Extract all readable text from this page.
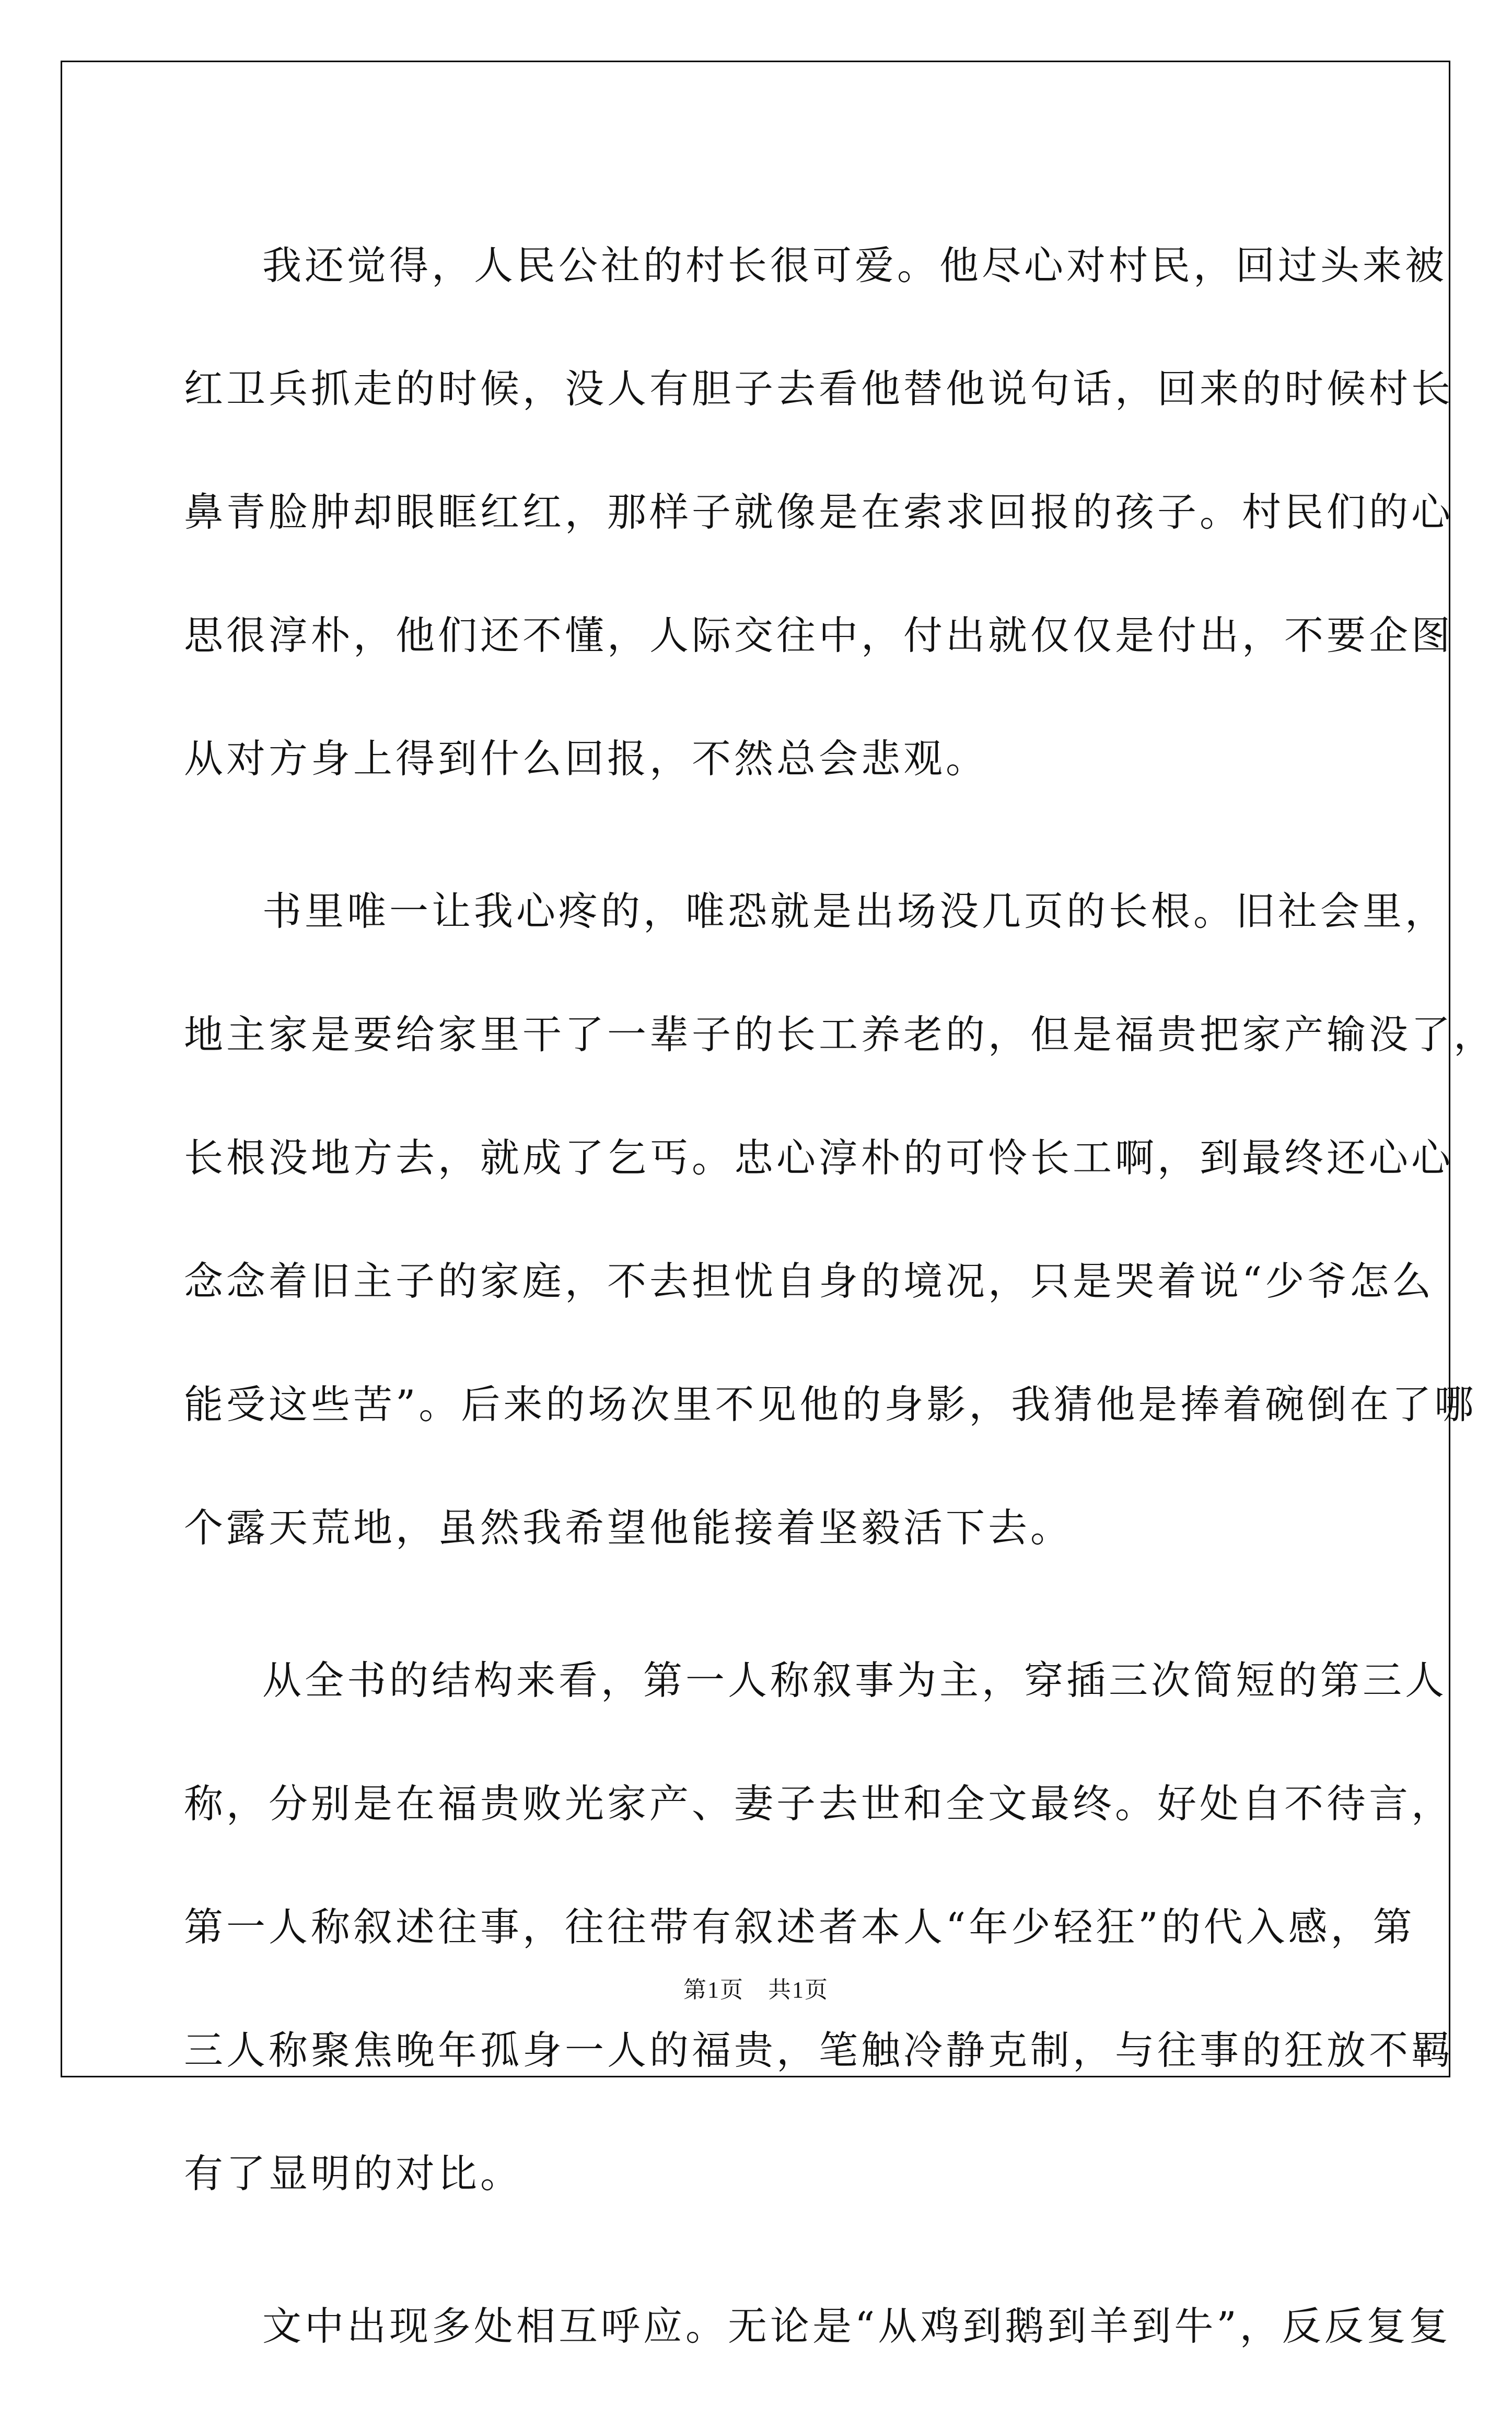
我还觉得，人民公社的村长很可爱。他尽心对村民，回过头来被
红卫兵抓走的时候，没人有胆子去看他替他说句话，回来的时候村长
鼻青脸肿却眼眶红红，那样子就像是在索求回报的孩子。村民们的心
思很淳朴，他们还不懂，人际交往中，付出就仅仅是付出，不要企图
从对方身上得到什么回报，不然总会悲观。

书里唯一让我心疼的，唯恐就是出场没几页的长根。旧社会里，
地主家是要给家里干了一辈子的长工养老的，但是福贵把家产输没了，
长根没地方去，就成了乞丐。忠心淳朴的可怜长工啊，到最终还心心
念念着旧主子的家庭，不去担忧自身的境况，只是哭着说“少爷怎么
能受这些苦”。后来的场次里不见他的身影，我猜他是捧着碗倒在了哪
个露天荒地，虽然我希望他能接着坚毅活下去。

从全书的结构来看，第一人称叙事为主，穿插三次简短的第三人
称，分别是在福贵败光家产、妻子去世和全文最终。好处自不待言，
第一人称叙述往事，往往带有叙述者本人“年少轻狂”的代入感，第
三人称聚焦晚年孤身一人的福贵，笔触冷静克制，与往事的狂放不羁
有了显明的对比。

文中出现多处相互呼应。无论是“从鸡到鹅到羊到牛”，反反复复

第1页　共1页
